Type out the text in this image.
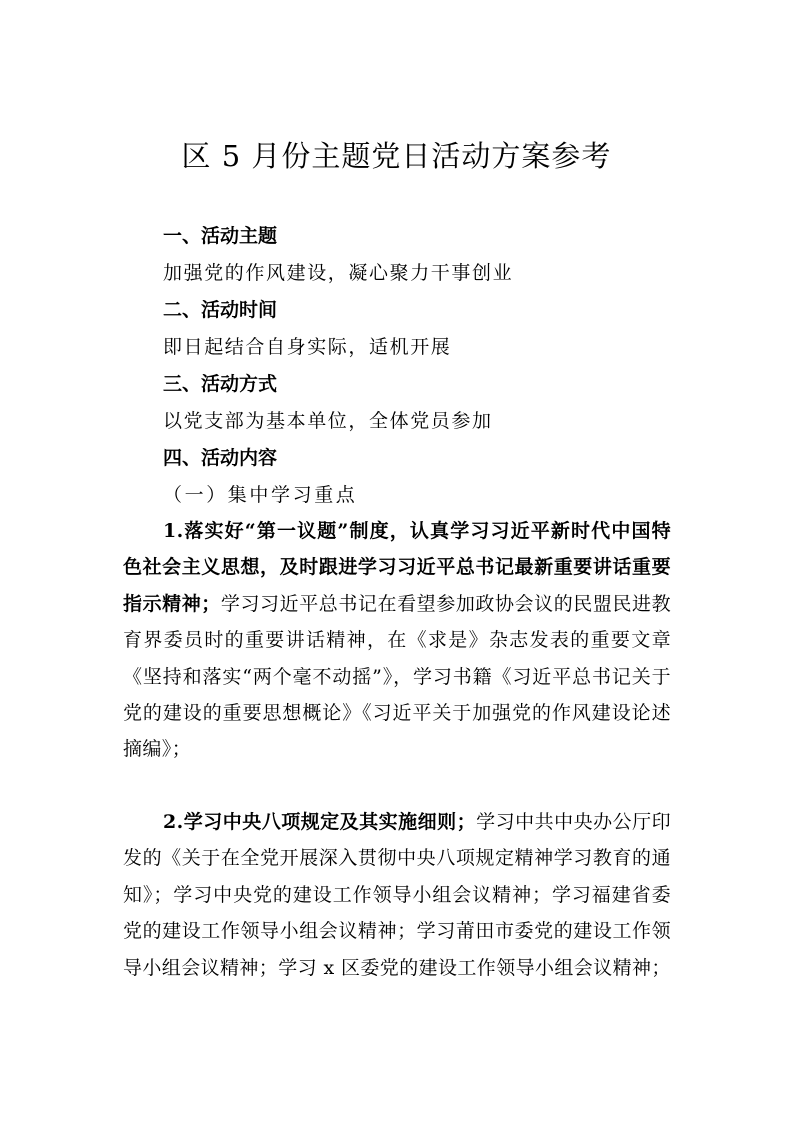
区 5 月份主题党日活动方案参考
一、活动主题
加强党的作风建设，凝心聚力干事创业
二、活动时间
即日起结合自身实际，适机开展
三、活动方式
以党支部为基本单位，全体党员参加
四、活动内容
（一）集中学习重点

1.落实好“第一议题”制度，认真学习习近平新时代中国特色社会主义思想，及时跟进学习习近平总书记最新重要讲话重要指示精神；学习习近平总书记在看望参加政协会议的民盟民进教育界委员时的重要讲话精神，在《求是》杂志发表的重要文章《坚持和落实“两个毫不动摇”》，学习书籍《习近平总书记关于党的建设的重要思想概论》《习近平关于加强党的作风建设论述摘编》；

2.学习中央八项规定及其实施细则；学习中共中央办公厅印发的《关于在全党开展深入贯彻中央八项规定精神学习教育的通知》；学习中央党的建设工作领导小组会议精神；学习福建省委党的建设工作领导小组会议精神；学习莆田市委党的建设工作领导小组会议精神；学习 x 区委党的建设工作领导小组会议精神；
